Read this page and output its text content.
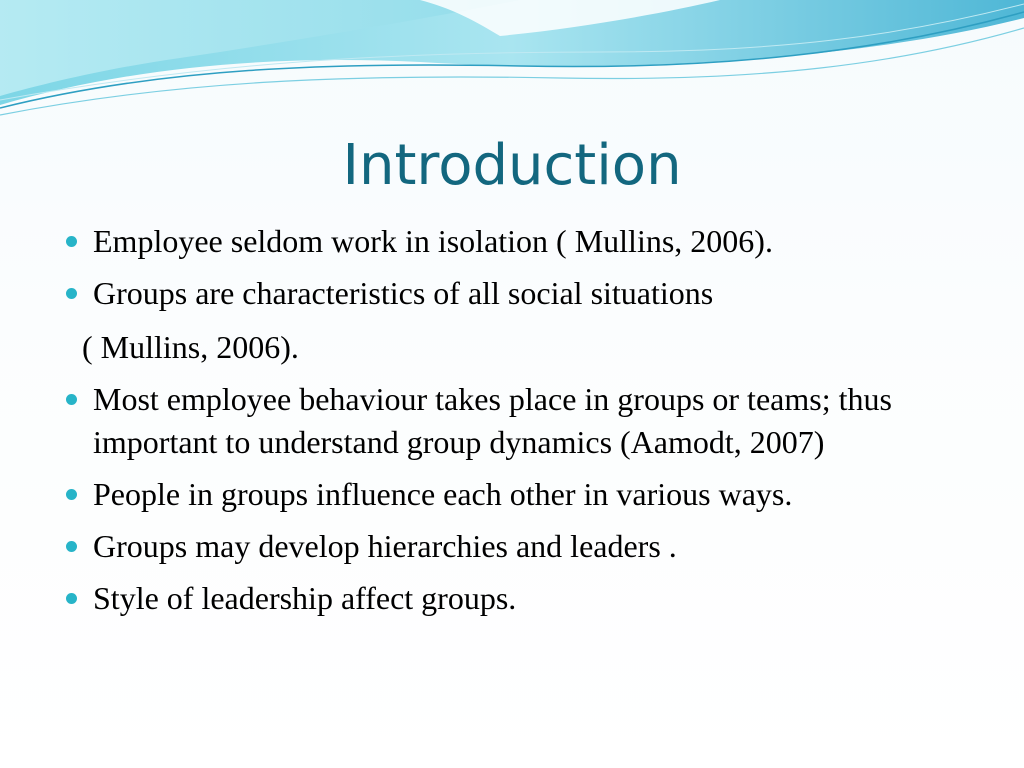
Introduction
Employee seldom work in isolation ( Mullins, 2006).
Groups are characteristics of all social situations
( Mullins, 2006).
Most employee behaviour takes place in groups or teams; thus important to understand group dynamics (Aamodt, 2007)
People in groups influence each other in various ways.
Groups may develop hierarchies and leaders .
Style of leadership affect groups.
